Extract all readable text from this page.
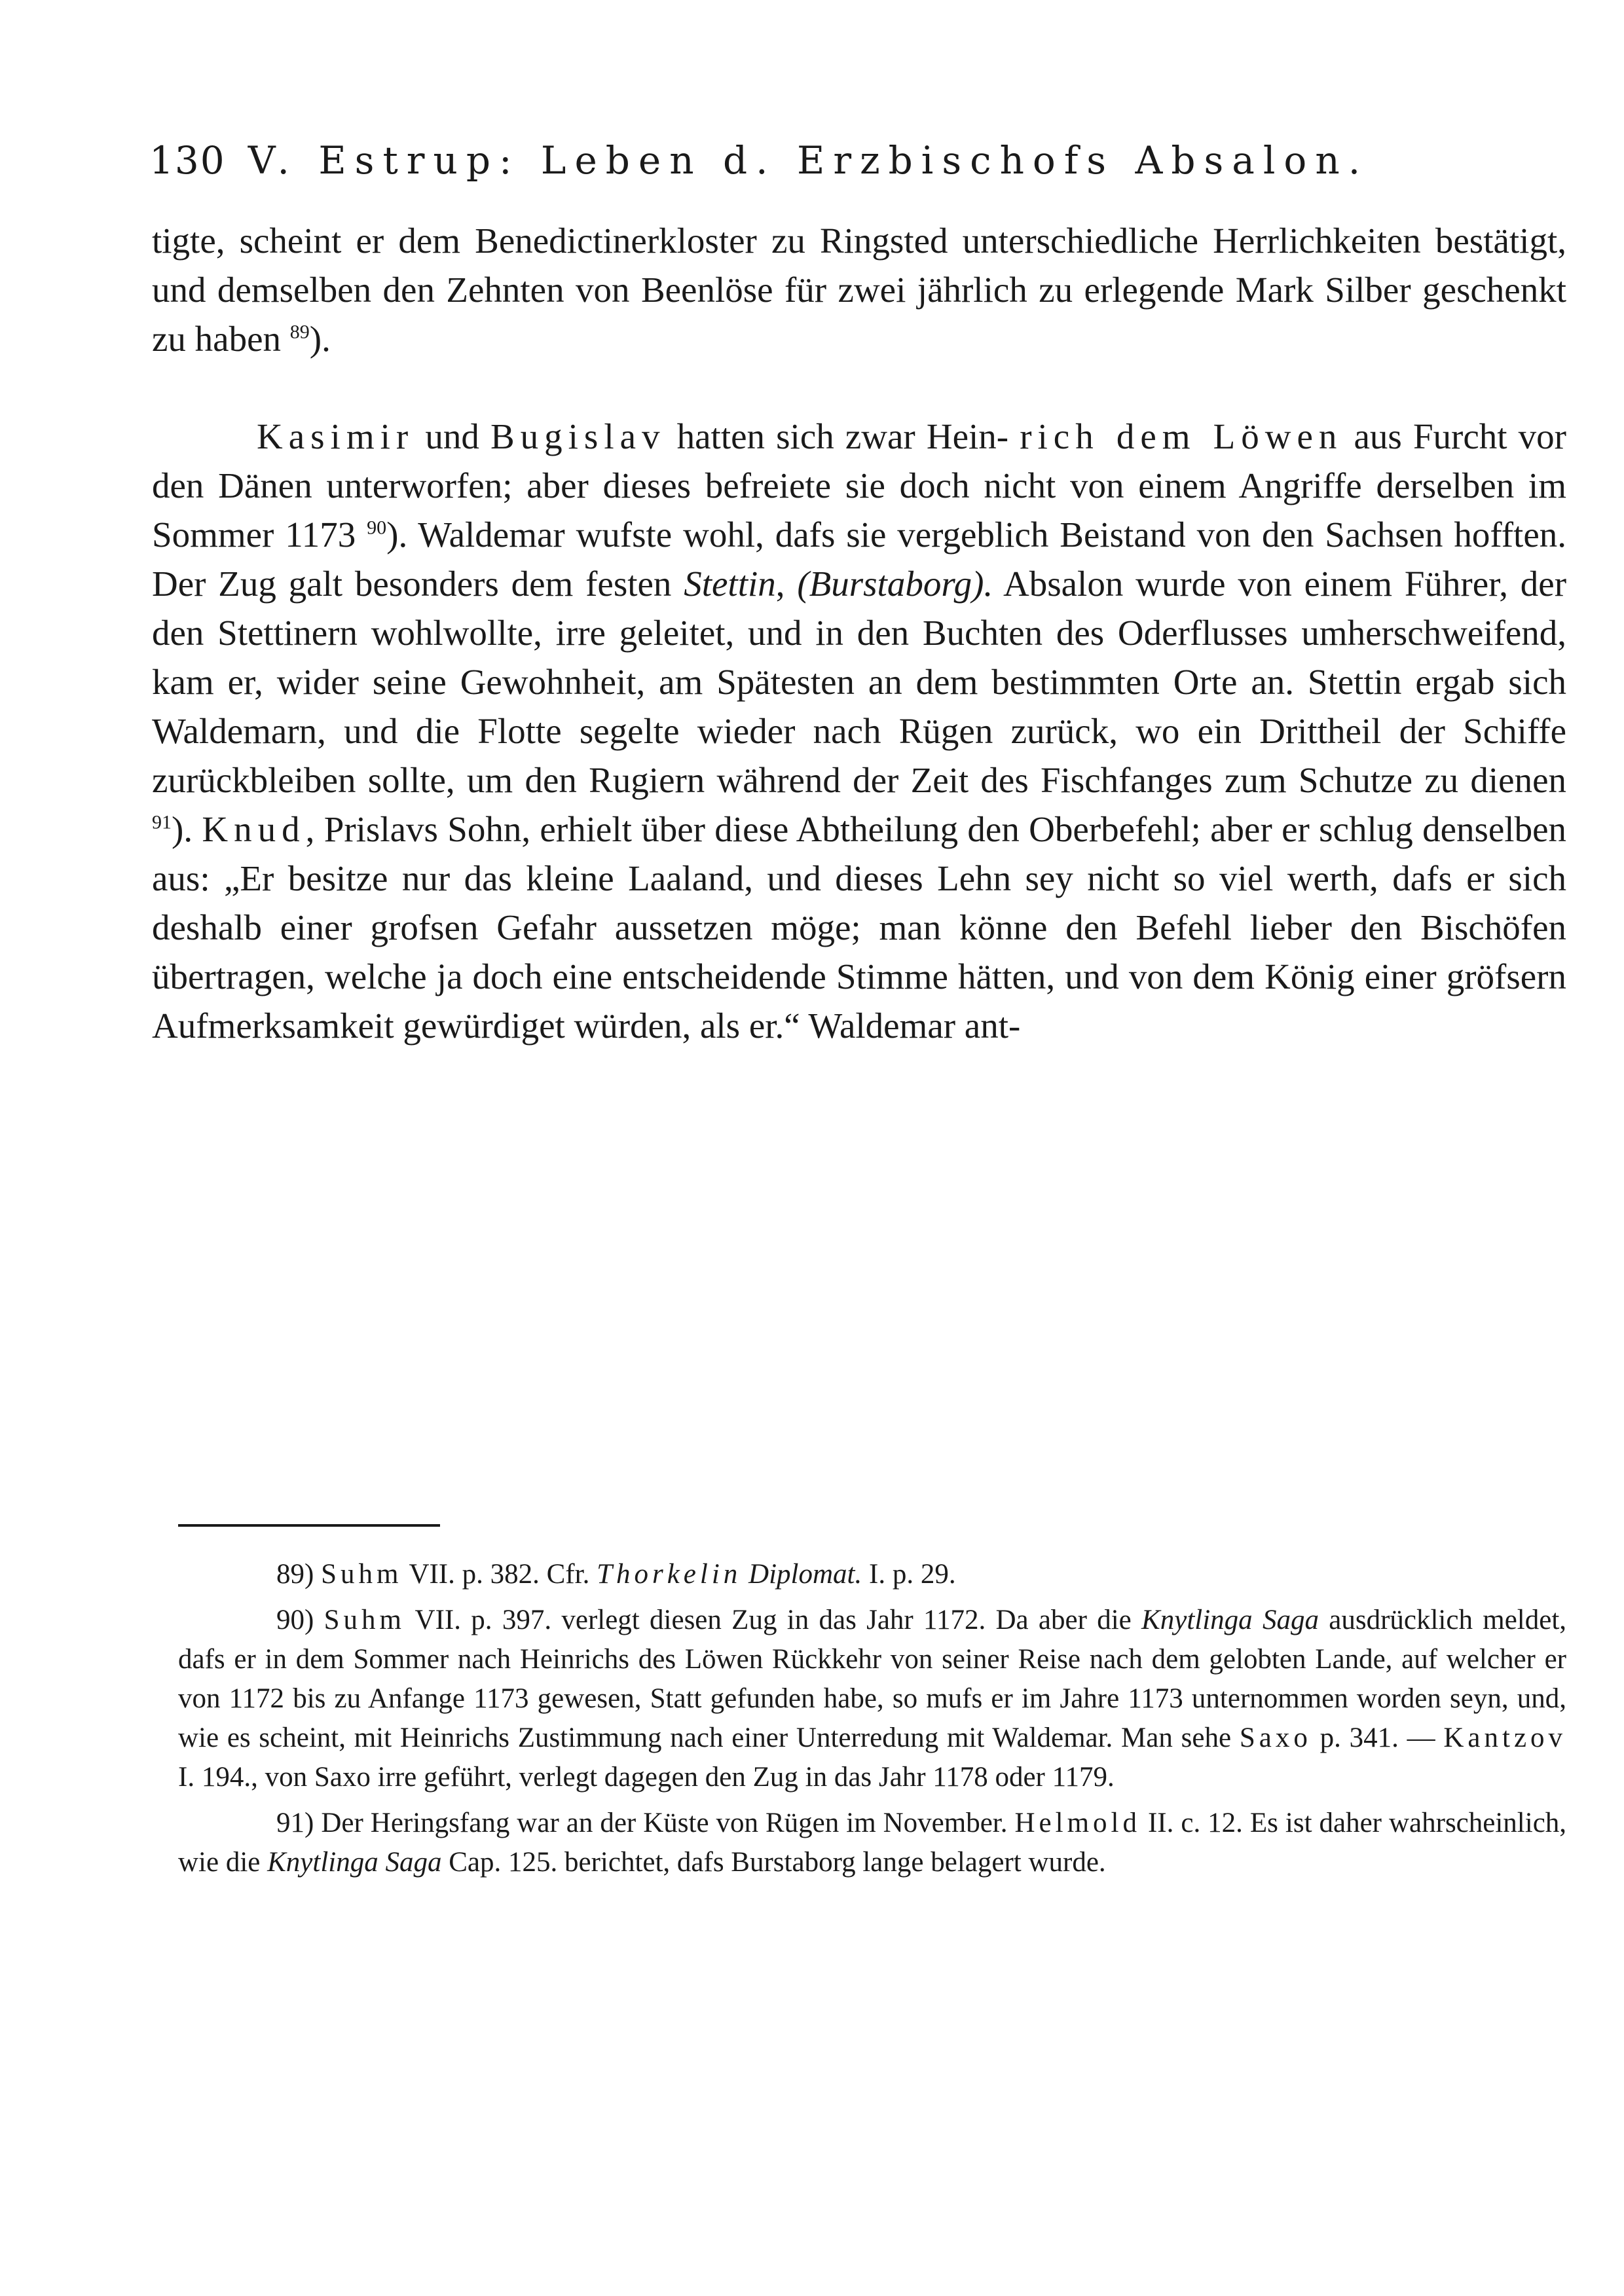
130 V. Estrup: Leben d. Erzbischofs Absalon.

tigte, scheint er dem Benedictinerkloster zu Ringsted unterschiedliche Herrlichkeiten bestätigt, und demselben den Zehnten von Beenlöse für zwei jährlich zu erlegende Mark Silber geschenkt zu haben $^{89}$).

Kasimir und Bugislav hatten sich zwar Hein- rich dem Löwen aus Furcht vor den Dänen unterworfen; aber dieses befreiete sie doch nicht von einem Angriffe derselben im Sommer 1173 $^{90}$). Waldemar wufste wohl, dafs sie vergeblich Beistand von den Sachsen hofften. Der Zug galt besonders dem festen Stettin, (Burstaborg). Absalon wurde von einem Führer, der den Stettinern wohlwollte, irre geleitet, und in den Buchten des Oderflusses umherschweifend, kam er, wider seine Gewohnheit, am Spätesten an dem bestimmten Orte an. Stettin ergab sich Waldemarn, und die Flotte segelte wieder nach Rügen zurück, wo ein Drittheil der Schiffe zurückbleiben sollte, um den Rugiern während der Zeit des Fischfanges zum Schutze zu dienen $^{91}$). Knud, Prislavs Sohn, erhielt über diese Abtheilung den Oberbefehl; aber er schlug denselben aus: „Er besitze nur das kleine Laaland, und dieses Lehn sey nicht so viel werth, dafs er sich deshalb einer grofsen Gefahr aussetzen möge; man könne den Befehl lieber den Bischöfen übertragen, welche ja doch eine entscheidende Stimme hätten, und von dem König einer gröfsern Aufmerksamkeit gewürdiget würden, als er.“ Waldemar ant-

89) Suhm VII. p. 382. Cfr. Thorkelin Diplomat. I. p. 29.

90) Suhm VII. p. 397. verlegt diesen Zug in das Jahr 1172. Da aber die Knytlinga Saga ausdrücklich meldet, dafs er in dem Sommer nach Heinrichs des Löwen Rückkehr von seiner Reise nach dem gelobten Lande, auf welcher er von 1172 bis zu Anfange 1173 gewesen, Statt gefunden habe, so mufs er im Jahre 1173 unternommen worden seyn, und, wie es scheint, mit Heinrichs Zustimmung nach einer Unterredung mit Waldemar. Man sehe Saxo p. 341. — Kantzov I. 194., von Saxo irre geführt, verlegt dagegen den Zug in das Jahr 1178 oder 1179.

91) Der Heringsfang war an der Küste von Rügen im November. Helmold II. c. 12. Es ist daher wahrscheinlich, wie die Knytlinga Saga Cap. 125. berichtet, dafs Burstaborg lange belagert wurde.
